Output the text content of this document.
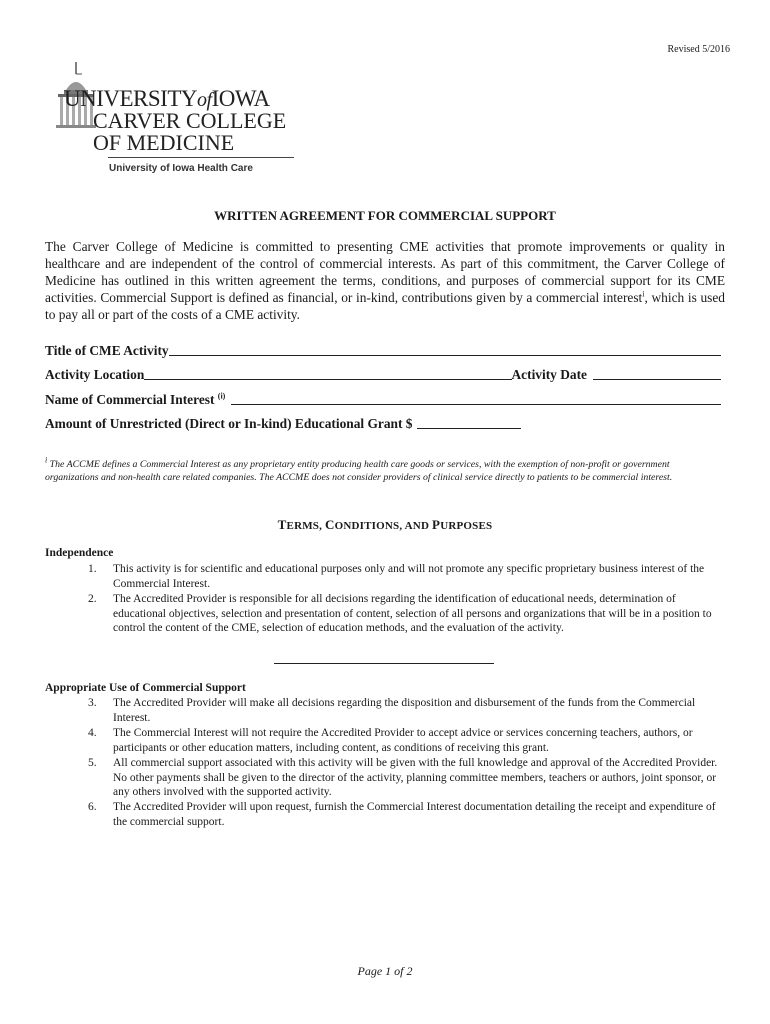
Revised 5/2016
UNIVERSITYofIOWA
CARVER COLLEGE
OF MEDICINE
University of Iowa Health Care
WRITTEN AGREEMENT FOR COMMERCIAL SUPPORT
The Carver College of Medicine is committed to presenting CME activities that promote improvements or quality in healthcare and are independent of the control of commercial interests. As part of this commitment, the Carver College of Medicine has outlined in this written agreement the terms, conditions, and purposes of commercial support for its CME activities. Commercial Support is defined as financial, or in-kind, contributions given by a commercial interest$^i$, which is used to pay all or part of the costs of a CME activity.
Title of CME Activity
Activity Location	Activity Date
Name of Commercial Interest $^{(i)}$
Amount of Unrestricted (Direct or In-kind) Educational Grant $
$^i$ The ACCME defines a Commercial Interest as any proprietary entity producing health care goods or services, with the exemption of non-profit or government organizations and non-health care related companies. The ACCME does not consider providers of clinical service directly to patients to be commercial interest.
TERMS, CONDITIONS, AND PURPOSES
Independence
1.	This activity is for scientific and educational purposes only and will not promote any specific proprietary business interest of the Commercial Interest.
2.	The Accredited Provider is responsible for all decisions regarding the identification of educational needs, determination of educational objectives, selection and presentation of content, selection of all persons and organizations that will be in a position to control the content of the CME, selection of education methods, and the evaluation of the activity.
Appropriate Use of Commercial Support
3.	The Accredited Provider will make all decisions regarding the disposition and disbursement of the funds from the Commercial Interest.
4.	The Commercial Interest will not require the Accredited Provider to accept advice or services concerning teachers, authors, or participants or other education matters, including content, as conditions of receiving this grant.
5.	All commercial support associated with this activity will be given with the full knowledge and approval of the Accredited Provider. No other payments shall be given to the director of the activity, planning committee members, teachers or authors, joint sponsor, or any others involved with the supported activity.
6.	The Accredited Provider will upon request, furnish the Commercial Interest documentation detailing the receipt and expenditure of the commercial support.
Page 1 of 2
